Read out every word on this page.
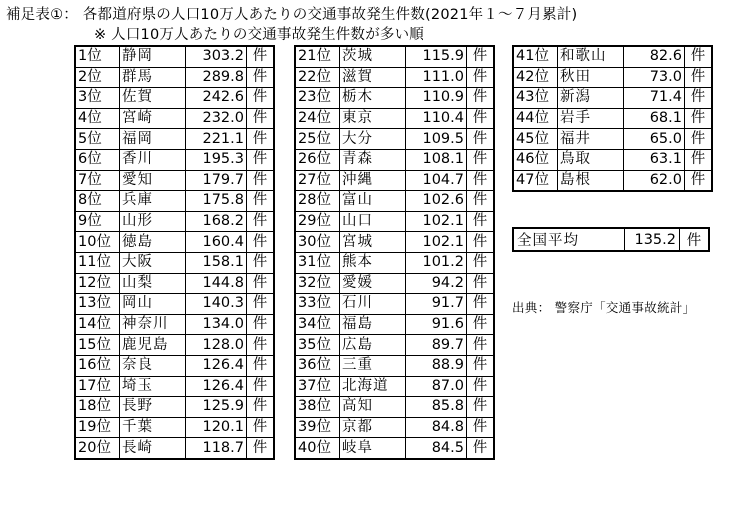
補足表①： 各都道府県の人口10万人あたりの交通事故発生件数(2021年１～７月累計)
※ 人口10万人あたりの交通事故発生件数が多い順
1位	静岡	303.2	件
2位	群馬	289.8	件
3位	佐賀	242.6	件
4位	宮崎	232.0	件
5位	福岡	221.1	件
6位	香川	195.3	件
7位	愛知	179.7	件
8位	兵庫	175.8	件
9位	山形	168.2	件
10位	徳島	160.4	件
11位	大阪	158.1	件
12位	山梨	144.8	件
13位	岡山	140.3	件
14位	神奈川	134.0	件
15位	鹿児島	128.0	件
16位	奈良	126.4	件
17位	埼玉	126.4	件
18位	長野	125.9	件
19位	千葉	120.1	件
20位	長崎	118.7	件
21位	茨城	115.9	件
22位	滋賀	111.0	件
23位	栃木	110.9	件
24位	東京	110.4	件
25位	大分	109.5	件
26位	青森	108.1	件
27位	沖縄	104.7	件
28位	富山	102.6	件
29位	山口	102.1	件
30位	宮城	102.1	件
31位	熊本	101.2	件
32位	愛媛	94.2	件
33位	石川	91.7	件
34位	福島	91.6	件
35位	広島	89.7	件
36位	三重	88.9	件
37位	北海道	87.0	件
38位	高知	85.8	件
39位	京都	84.8	件
40位	岐阜	84.5	件
41位	和歌山	82.6	件
42位	秋田	73.0	件
43位	新潟	71.4	件
44位	岩手	68.1	件
45位	福井	65.0	件
46位	鳥取	63.1	件
47位	島根	62.0	件
全国平均	135.2	件
出典： 警察庁「交通事故統計」
